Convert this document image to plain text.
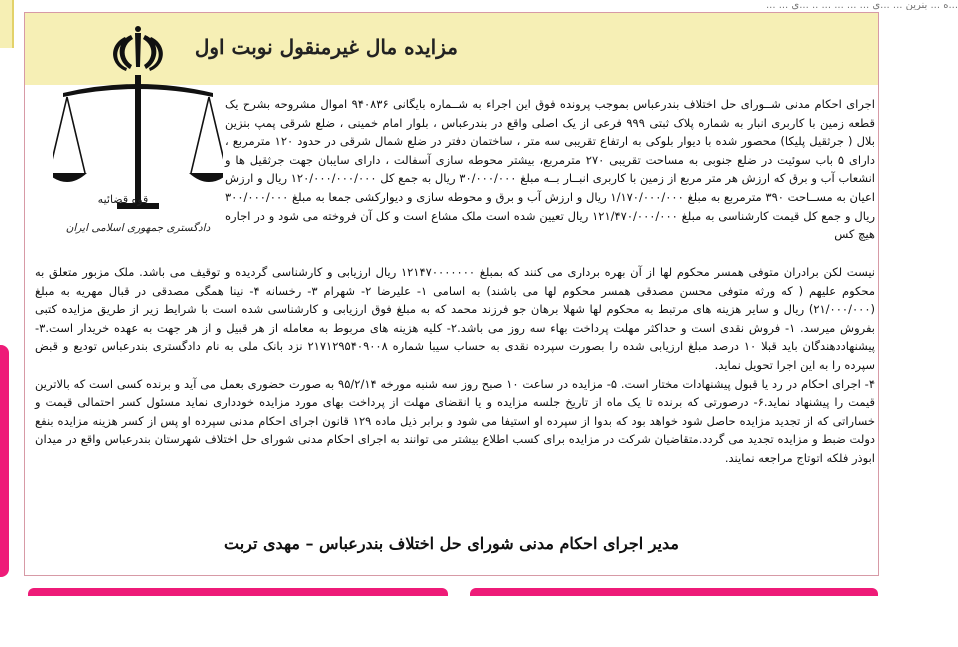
...ه ... بنرین ... ...ی ... ... ... ... .. ...ی ... ...
مزایده مال غیرمنقول نوبت اول
قوه قضائیه
دادگستری جمهوری اسلامی ایران

اجرای احکام مدنی شــورای حل اختلاف بندرعباس بموجب پرونده فوق این اجراء به شــماره بایگانی ۹۴۰۸۳۶ اموال مشروحه بشرح یک قطعه زمین با کاربری انبار به شماره پلاک ثبتی ۹۹۹ فرعی از یک اصلی واقع در بندرعباس ، بلوار امام خمینی ، ضلع شرقی پمپ بنزین بلال ( جرثقیل پلیکا) محصور شده با دیوار بلوکی به ارتفاع تقریبی سه متر ، ساختمان دفتر در ضلع شمال شرقی در حدود ۱۲۰ مترمربع ، دارای ۵ باب سوئیت در ضلع جنوبی به مساحت تقریبی ۲۷۰ مترمربع، بیشتر محوطه سازی آسفالت ، دارای سایبان جهت جرثقیل ها و انشعاب آب و برق که ارزش هر متر مربع از زمین با کاربری انبــار بــه مبلغ ۳۰/۰۰۰/۰۰۰ ریال به جمع کل ۱۲۰/۰۰۰/۰۰۰/۰۰۰ ریال و ارزش اعیان به مســاحت ۳۹۰ مترمربع به مبلغ ۱/۱۷۰/۰۰۰/۰۰۰ ریال و ارزش آب و برق و محوطه سازی و دیوارکشی جمعا به مبلغ ۳۰۰/۰۰۰/۰۰۰ ریال و جمع کل قیمت کارشناسی به مبلغ ۱۲۱/۴۷۰/۰۰۰/۰۰۰ ریال تعیین شده است ملک مشاع است و کل آن فروخته می شود و در اجاره هیچ کس

نیست لکن برادران متوفی همسر محکوم لها از آن بهره برداری می کنند که بمبلغ ۱۲۱۴۷۰۰۰۰۰۰۰ ریال ارزیابی و کارشناسی گردیده و توقیف می باشد. ملک مزبور متعلق به محکوم علیهم ( که ورثه متوفی محسن مصدقی همسر محکوم لها می باشند) به اسامی ۱- علیرضا ۲- شهرام ۳- رخسانه ۴- نینا همگی مصدقی در قبال مهریه به مبلغ (۲۱/۰۰۰/۰۰۰) ریال و سایر هزینه های مرتبط به محکوم لها شهلا برهان جو فرزند محمد که به مبلغ فوق ارزیابی و کارشناسی شده است با شرایط زیر از طریق مزایده کتبی بفروش میرسد. ۱- فروش نقدی است و حداکثر مهلت پرداخت بهاء سه روز می باشد.۲- کلیه هزینه های مربوط به معامله از هر قبیل و از هر جهت به عهده خریدار است.۳- پیشنهاددهندگان باید قبلا ۱۰ درصد مبلغ ارزیابی شده را بصورت سپرده نقدی به حساب سیبا شماره ۲۱۷۱۲۹۵۴۰۹۰۰۸ نزد بانک ملی به نام دادگستری بندرعباس تودیع و قبض سپرده را به این اجرا تحویل نماید.

۴- اجرای احکام در رد یا قبول پیشنهادات مختار است. ۵- مزایده در ساعت ۱۰ صبح روز سه شنبه مورخه ۹۵/۲/۱۴ به صورت حضوری بعمل می آید و برنده کسی است که بالاترین قیمت را پیشنهاد نماید.۶- درصورتی که برنده تا یک ماه از تاریخ جلسه مزایده و یا انقضای مهلت از پرداخت بهای مورد مزایده خودداری نماید مسئول کسر احتمالی قیمت و خساراتی که از تجدید مزایده حاصل شود خواهد بود که بدوا از سپرده او استیفا می شود و برابر ذیل ماده ۱۲۹ قانون اجرای احکام مدنی سپرده او پس از کسر هزینه مزایده بنفع دولت ضبط و مزایده تجدید می گردد.متقاضیان شرکت در مزایده برای کسب اطلاع بیشتر می توانند به اجرای احکام مدنی شورای حل اختلاف شهرستان بندرعباس واقع در میدان ابوذر فلکه اتوتاج مراجعه نمایند.

مدیر اجرای احکام مدنی شورای حل اختلاف بندرعباس – مهدی تربت
